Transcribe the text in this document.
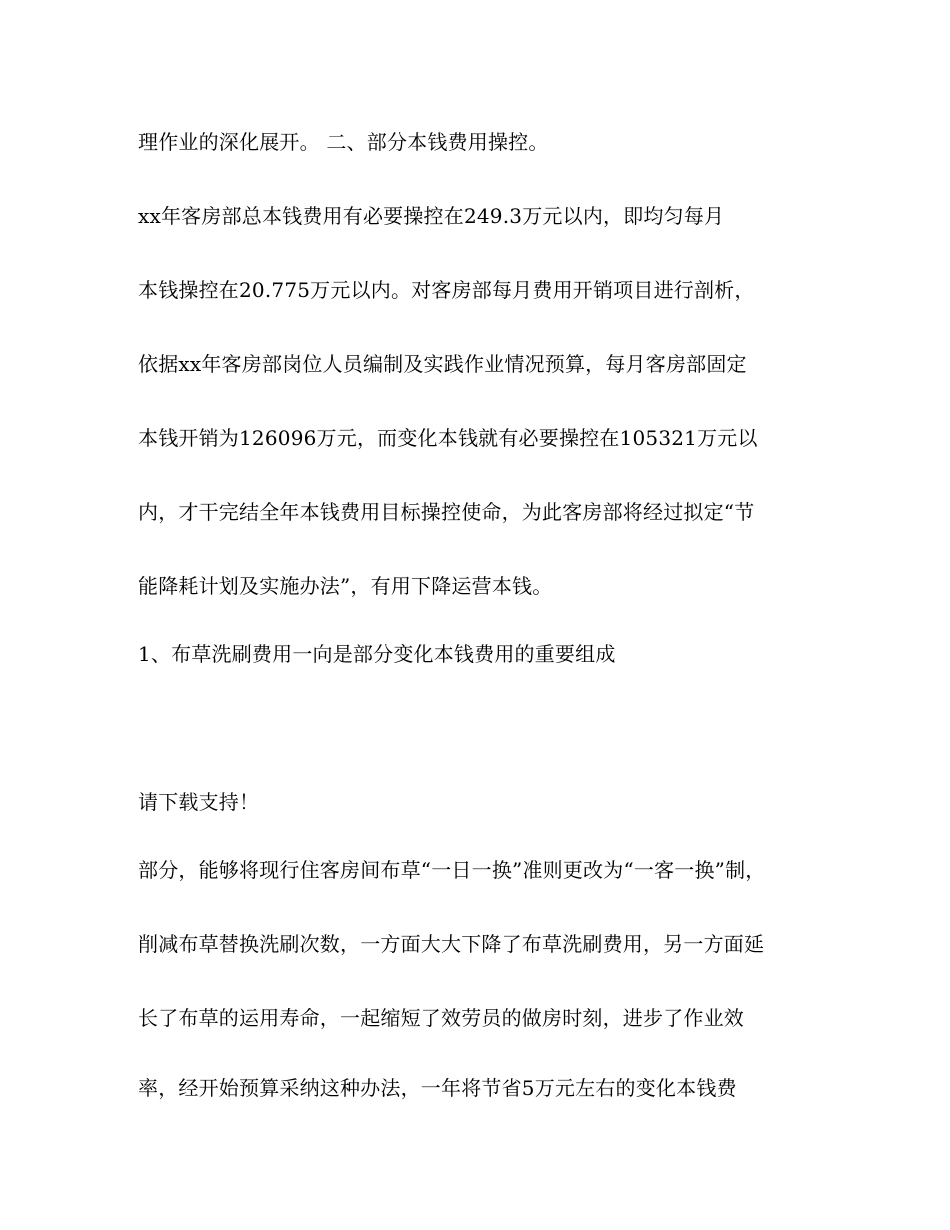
理作业的深化展开。 二、部分本钱费用操控。
xx年客房部总本钱费用有必要操控在249.3万元以内，即均匀每月
本钱操控在20.775万元以内。对客房部每月费用开销项目进行剖析，
依据xx年客房部岗位人员编制及实践作业情况预算，每月客房部固定
本钱开销为126096万元，而变化本钱就有必要操控在105321万元以
内，才干完结全年本钱费用目标操控使命，为此客房部将经过拟定“节
能降耗计划及实施办法”，有用下降运营本钱。
1、布草洗刷费用一向是部分变化本钱费用的重要组成
请下载支持！
部分，能够将现行住客房间布草“一日一换”准则更改为“一客一换”制，
削减布草替换洗刷次数，一方面大大下降了布草洗刷费用，另一方面延
长了布草的运用寿命，一起缩短了效劳员的做房时刻，进步了作业效
率，经开始预算采纳这种办法，一年将节省5万元左右的变化本钱费
